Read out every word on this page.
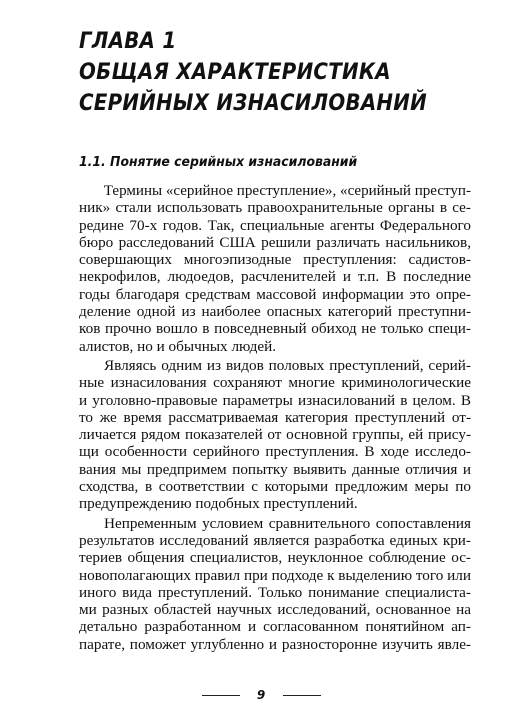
ГЛАВА 1
ОБЩАЯ ХАРАКТЕРИСТИКА
СЕРИЙНЫХ ИЗНАСИЛОВАНИЙ
1.1. Понятие серийных изнасилований
Термины «серийное преступление», «серийный преступ-
ник» стали использовать правоохранительные органы в се-
редине 70-х годов. Так, специальные агенты Федерального
бюро расследований США решили различать насильников,
совершающих многоэпизодные преступления: садистов-
некрофилов, людоедов, расчленителей и т.п. В последние
годы благодаря средствам массовой информации это опре-
деление одной из наиболее опасных категорий преступни-
ков прочно вошло в повседневный обиход не только специ-
алистов, но и обычных людей.
Являясь одним из видов половых преступлений, серий-
ные изнасилования сохраняют многие криминологические
и уголовно-правовые параметры изнасилований в целом. В
то же время рассматриваемая категория преступлений от-
личается рядом показателей от основной группы, ей прису-
щи особенности серийного преступления. В ходе исследо-
вания мы предпримем попытку выявить данные отличия и
сходства, в соответствии с которыми предложим меры по
предупреждению подобных преступлений.
Непременным условием сравнительного сопоставления
результатов исследований является разработка единых кри-
териев общения специалистов, неуклонное соблюдение ос-
новополагающих правил при подходе к выделению того или
иного вида преступлений. Только понимание специалиста-
ми разных областей научных исследований, основанное на
детально разработанном и согласованном понятийном ап-
парате, поможет углубленно и разносторонне изучить явле-
9
